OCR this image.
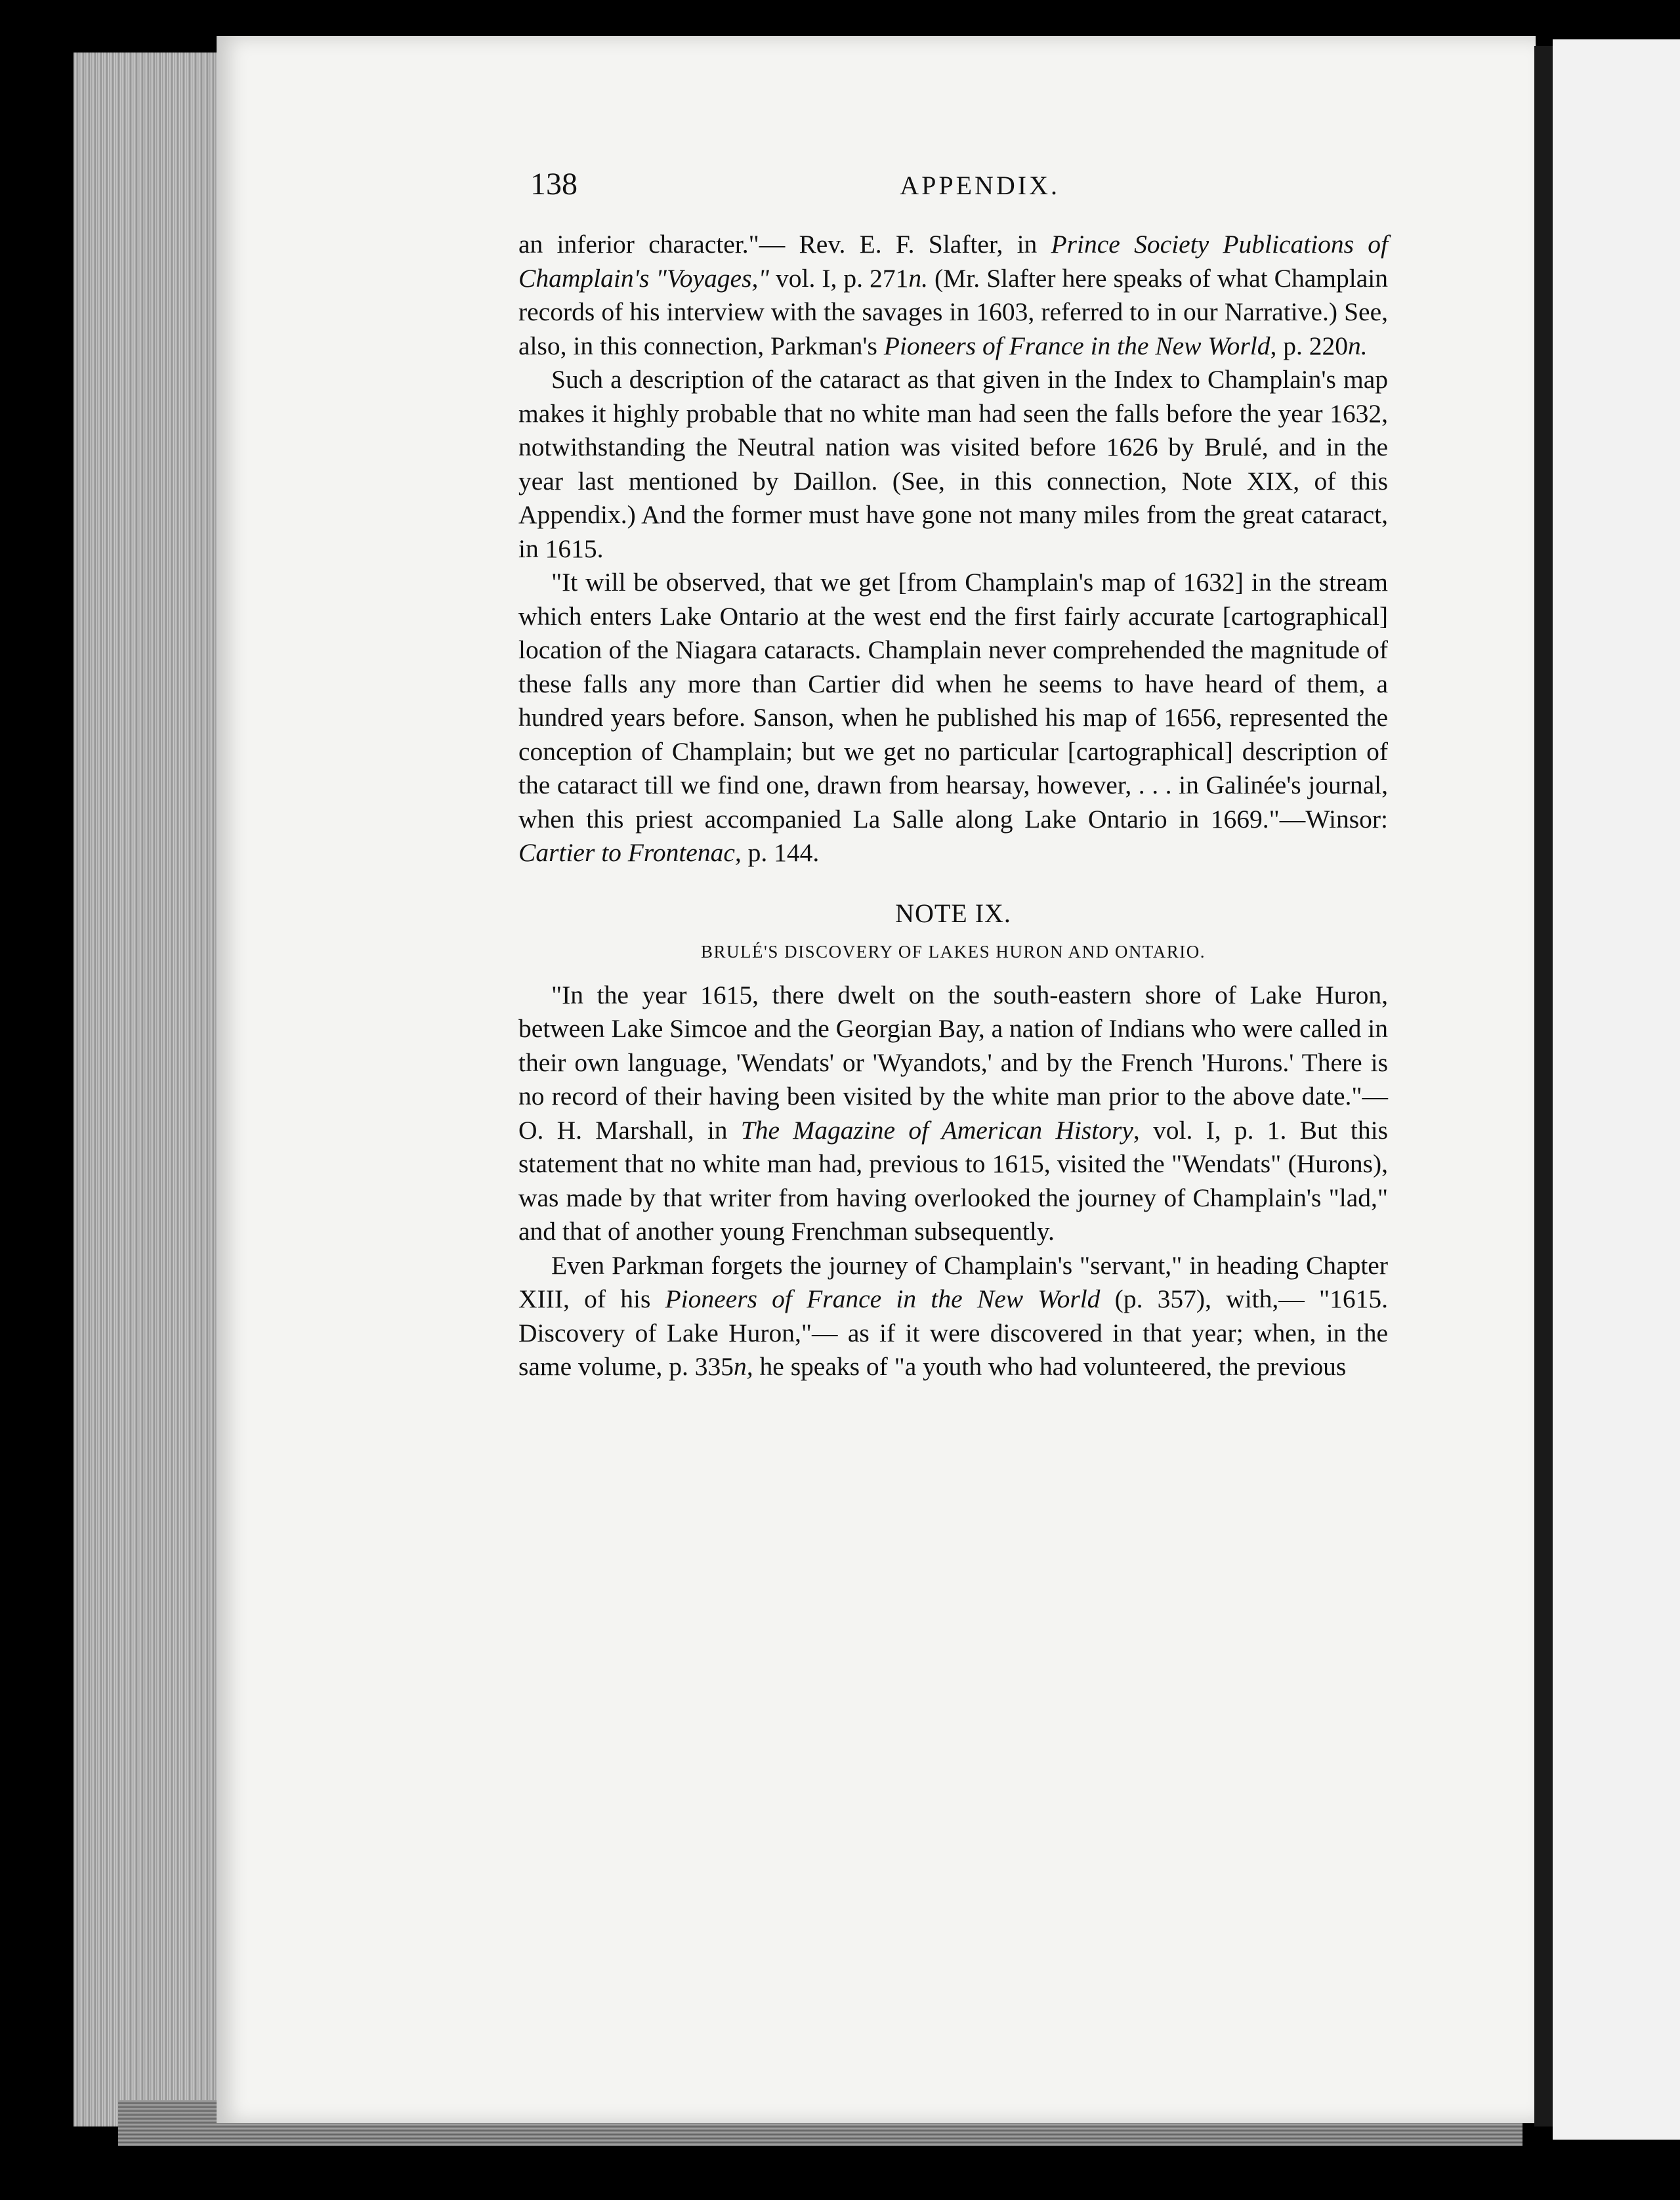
138	APPENDIX.

an inferior character."— Rev. E. F. Slafter, in Prince Society Publications of Champlain's "Voyages," vol. I, p. 271n. (Mr. Slafter here speaks of what Champlain records of his interview with the savages in 1603, referred to in our Narrative.) See, also, in this connection, Parkman's Pioneers of France in the New World, p. 220n.

Such a description of the cataract as that given in the Index to Champlain's map makes it highly probable that no white man had seen the falls before the year 1632, notwithstanding the Neutral nation was visited before 1626 by Brulé, and in the year last mentioned by Daillon. (See, in this connection, Note XIX, of this Appendix.) And the former must have gone not many miles from the great cataract, in 1615.

"It will be observed, that we get [from Champlain's map of 1632] in the stream which enters Lake Ontario at the west end the first fairly accurate [cartographical] location of the Niagara cataracts. Champlain never comprehended the magnitude of these falls any more than Cartier did when he seems to have heard of them, a hundred years before. Sanson, when he published his map of 1656, represented the conception of Champlain; but we get no particular [cartographical] description of the cataract till we find one, drawn from hearsay, however, . . . in Galinée's journal, when this priest accompanied La Salle along Lake Ontario in 1669."—Winsor: Cartier to Frontenac, p. 144.

NOTE IX.
BRULÉ'S DISCOVERY OF LAKES HURON AND ONTARIO.

"In the year 1615, there dwelt on the south-eastern shore of Lake Huron, between Lake Simcoe and the Georgian Bay, a nation of Indians who were called in their own language, 'Wendats' or 'Wyandots,' and by the French 'Hurons.' There is no record of their having been visited by the white man prior to the above date."— O. H. Marshall, in The Magazine of American History, vol. I, p. 1. But this statement that no white man had, previous to 1615, visited the "Wendats" (Hurons), was made by that writer from having overlooked the journey of Champlain's "lad," and that of another young Frenchman subsequently.

Even Parkman forgets the journey of Champlain's "servant," in heading Chapter XIII, of his Pioneers of France in the New World (p. 357), with,— "1615. Discovery of Lake Huron,"— as if it were discovered in that year; when, in the same volume, p. 335n, he speaks of "a youth who had volunteered, the previous
